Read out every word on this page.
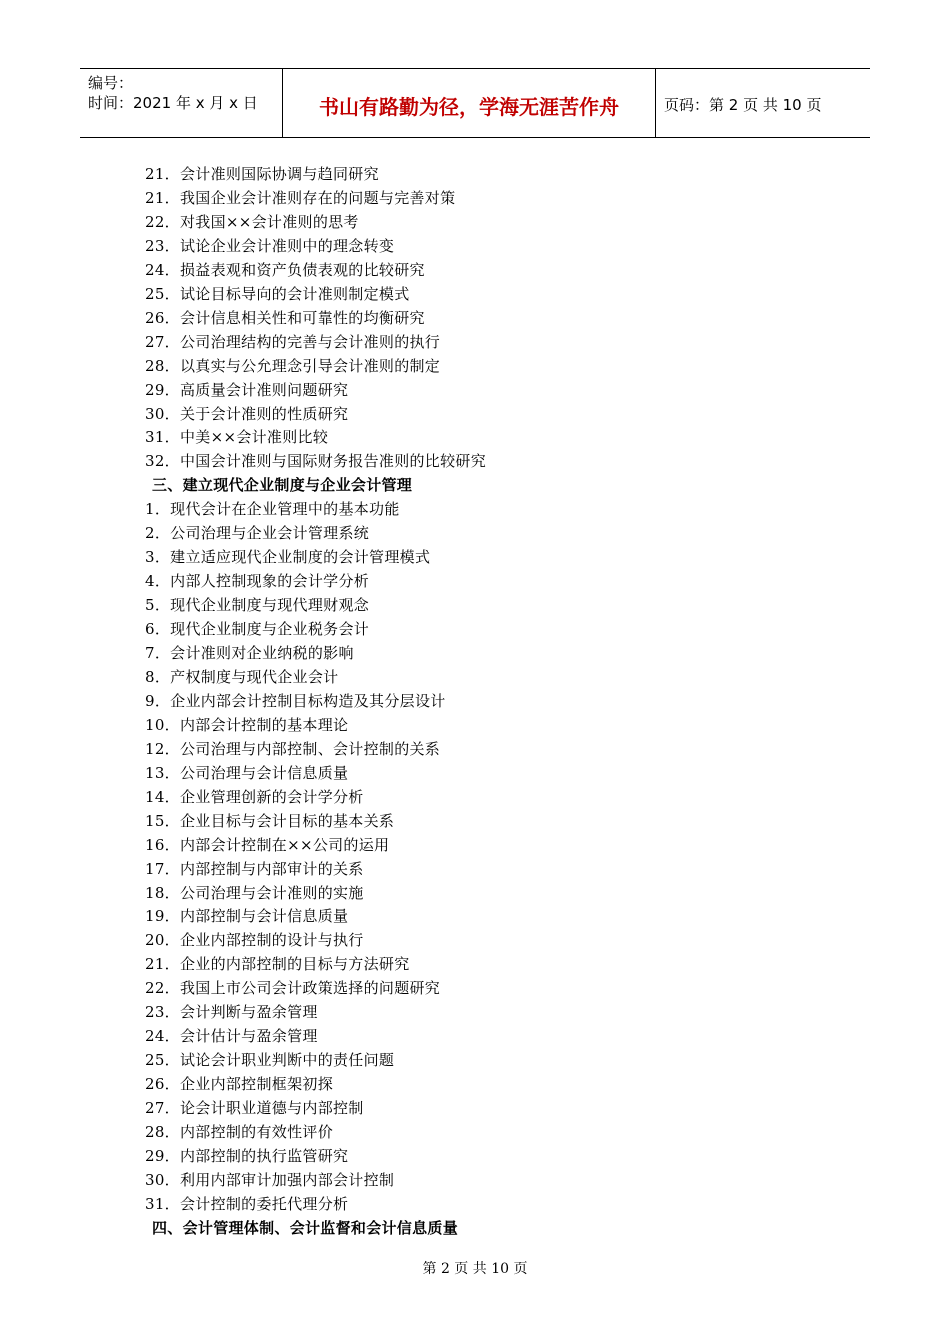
编号：
时间：2021 年 x 月 x 日	书山有路勤为径，学海无涯苦作舟	页码：第 2 页 共 10 页
21．会计准则国际协调与趋同研究
21．我国企业会计准则存在的问题与完善对策
22．对我国××会计准则的思考
23．试论企业会计准则中的理念转变
24．损益表观和资产负债表观的比较研究
25．试论目标导向的会计准则制定模式
26．会计信息相关性和可靠性的均衡研究
27．公司治理结构的完善与会计准则的执行
28．以真实与公允理念引导会计准则的制定
29．高质量会计准则问题研究
30．关于会计准则的性质研究
31．中美××会计准则比较
32．中国会计准则与国际财务报告准则的比较研究
三、建立现代企业制度与企业会计管理
1．现代会计在企业管理中的基本功能
2．公司治理与企业会计管理系统
3．建立适应现代企业制度的会计管理模式
4．内部人控制现象的会计学分析
5．现代企业制度与现代理财观念
6．现代企业制度与企业税务会计
7．会计准则对企业纳税的影响
8．产权制度与现代企业会计
9．企业内部会计控制目标构造及其分层设计
10．内部会计控制的基本理论
12．公司治理与内部控制、会计控制的关系
13．公司治理与会计信息质量
14．企业管理创新的会计学分析
15．企业目标与会计目标的基本关系
16．内部会计控制在××公司的运用
17．内部控制与内部审计的关系
18．公司治理与会计准则的实施
19．内部控制与会计信息质量
20．企业内部控制的设计与执行
21．企业的内部控制的目标与方法研究
22．我国上市公司会计政策选择的问题研究
23．会计判断与盈余管理
24．会计估计与盈余管理
25．试论会计职业判断中的责任问题
26．企业内部控制框架初探
27．论会计职业道德与内部控制
28．内部控制的有效性评价
29．内部控制的执行监管研究
30．利用内部审计加强内部会计控制
31．会计控制的委托代理分析
四、会计管理体制、会计监督和会计信息质量
第 2 页 共 10 页
